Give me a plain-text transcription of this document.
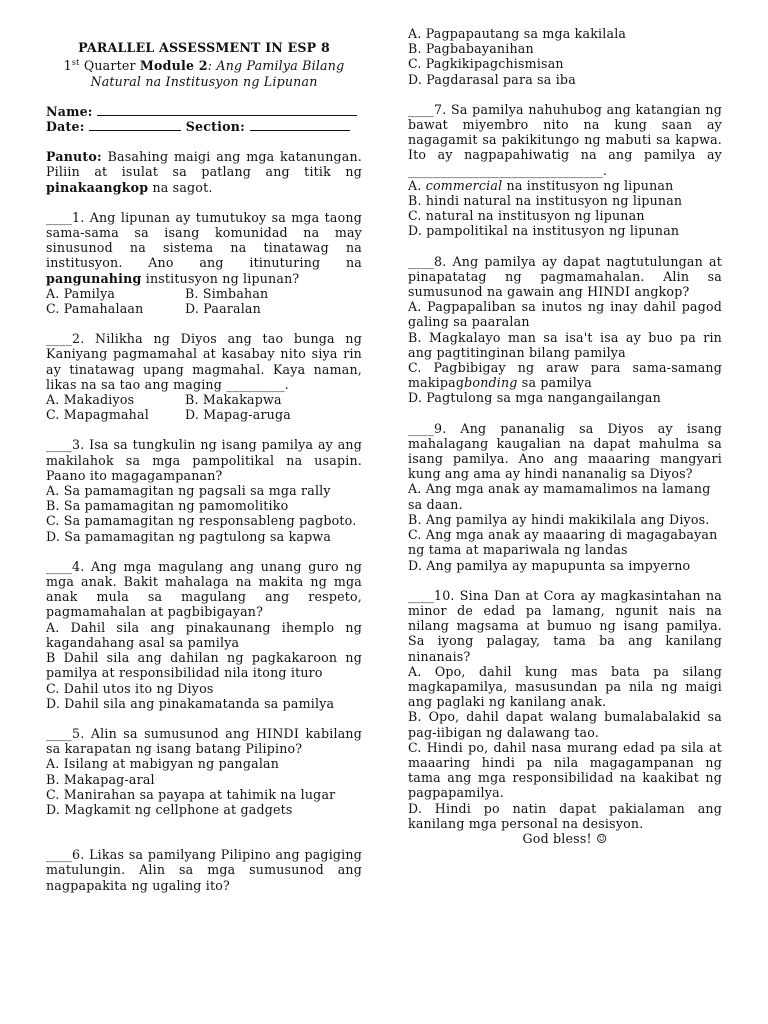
PARALLEL ASSESSMENT IN ESP 8
1st Quarter Module 2: Ang Pamilya Bilang
Natural na Institusyon ng Lipunan
Name:
Date:	Section:
Panuto: Basahing maigi ang mga katanungan. Piliin at isulat sa patlang ang titik ng pinakaangkop na sagot.
____1. Ang lipunan ay tumutukoy sa mga taong sama-sama sa isang komunidad na may sinusunod na sistema na tinatawag na institusyon. Ano ang itinuturing na pangunahing institusyon ng lipunan?
A. Pamilya	B. Simbahan
C. Pamahalaan	D. Paaralan
____2. Nilikha ng Diyos ang tao bunga ng Kaniyang pagmamahal at kasabay nito siya rin ay tinatawag upang magmahal. Kaya naman, likas na sa tao ang maging _________.
A. Makadiyos	B. Makakapwa
C. Mapagmahal	D. Mapag-aruga
____3. Isa sa tungkulin ng isang pamilya ay ang makilahok sa mga pampolitikal na usapin. Paano ito magagampanan?
A. Sa pamamagitan ng pagsali sa mga rally
B. Sa pamamagitan ng pamomolitiko
C. Sa pamamagitan ng responsableng pagboto.
D. Sa pamamagitan ng pagtulong sa kapwa
____4. Ang mga magulang ang unang guro ng mga anak. Bakit mahalaga na makita ng mga anak mula sa magulang ang respeto, pagmamahalan at pagbibigayan?
A. Dahil sila ang pinakaunang ihemplo ng kagandahang asal sa pamilya
B Dahil sila ang dahilan ng pagkakaroon ng pamilya at responsibilidad nila itong ituro
C. Dahil utos ito ng Diyos
D. Dahil sila ang pinakamatanda sa pamilya
____5. Alin sa sumusunod ang HINDI kabilang sa karapatan ng isang batang Pilipino?
A. Isilang at mabigyan ng pangalan
B. Makapag-aral
C. Manirahan sa payapa at tahimik na lugar
D. Magkamit ng cellphone at gadgets
____6. Likas sa pamilyang Pilipino ang pagiging matulungin. Alin sa mga sumusunod ang nagpapakita ng ugaling ito?
A. Pagpapautang sa mga kakilala
B. Pagbabayanihan
C. Pagkikipagchismisan
D. Pagdarasal para sa iba
____7. Sa pamilya nahuhubog ang katangian ng bawat miyembro nito na kung saan ay nagagamit sa pakikitungo ng mabuti sa kapwa. Ito ay nagpapahiwatig na ang pamilya ay ______________________________.
A. commercial na institusyon ng lipunan
B. hindi natural na institusyon ng lipunan
C. natural na institusyon ng lipunan
D. pampolitikal na institusyon ng lipunan
____8. Ang pamilya ay dapat nagtutulungan at pinapatatag ng pagmamahalan. Alin sa sumusunod na gawain ang HINDI angkop?
A. Pagpapaliban sa inutos ng inay dahil pagod galing sa paaralan
B. Magkalayo man sa isa't isa ay buo pa rin ang pagtitinginan bilang pamilya
C. Pagbibigay ng araw para sama-samang makipagbonding sa pamilya
D. Pagtulong sa mga nangangailangan
____9. Ang pananalig sa Diyos ay isang mahalagang kaugalian na dapat mahulma sa isang pamilya. Ano ang maaaring mangyari kung ang ama ay hindi nananalig sa Diyos?
A. Ang mga anak ay mamamalimos na lamang sa daan.
B. Ang pamilya ay hindi makikilala ang Diyos.
C. Ang mga anak ay maaaring di magagabayan ng tama at mapariwala ng landas
D. Ang pamilya ay mapupunta sa impyerno
____10. Sina Dan at Cora ay magkasintahan na minor de edad pa lamang, ngunit nais na nilang magsama at bumuo ng isang pamilya. Sa iyong palagay, tama ba ang kanilang ninanais?
A. Opo, dahil kung mas bata pa silang magkapamilya, masusundan pa nila ng maigi ang paglaki ng kanilang anak.
B. Opo, dahil dapat walang bumalabalakid sa pag-iibigan ng dalawang tao.
C. Hindi po, dahil nasa murang edad pa sila at maaaring hindi pa nila magagampanan ng tama ang mga responsibilidad na kaakibat ng pagpapamilya.
D. Hindi po natin dapat pakialaman ang kanilang mga personal na desisyon.
God bless! ☺
